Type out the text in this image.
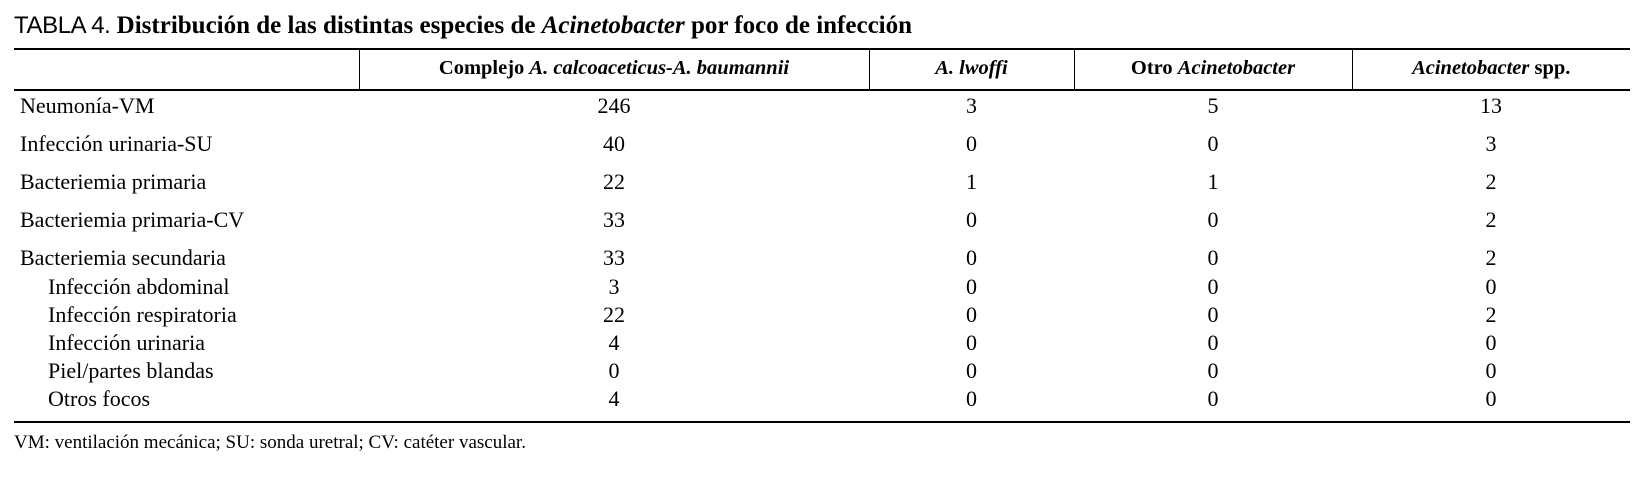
TABLA 4. Distribución de las distintas especies de Acinetobacter por foco de infección
	Complejo A. calcoaceticus-A. baumannii	A. lwoffi	Otro Acinetobacter	Acinetobacter spp.
Neumonía-VM	246	3	5	13
Infección urinaria-SU	40	0	0	3
Bacteriemia primaria	22	1	1	2
Bacteriemia primaria-CV	33	0	0	2
Bacteriemia secundaria	33	0	0	2
Infección abdominal	3	0	0	0
Infección respiratoria	22	0	0	2
Infección urinaria	4	0	0	0
Piel/partes blandas	0	0	0	0
Otros focos	4	0	0	0
VM: ventilación mecánica; SU: sonda uretral; CV: catéter vascular.
